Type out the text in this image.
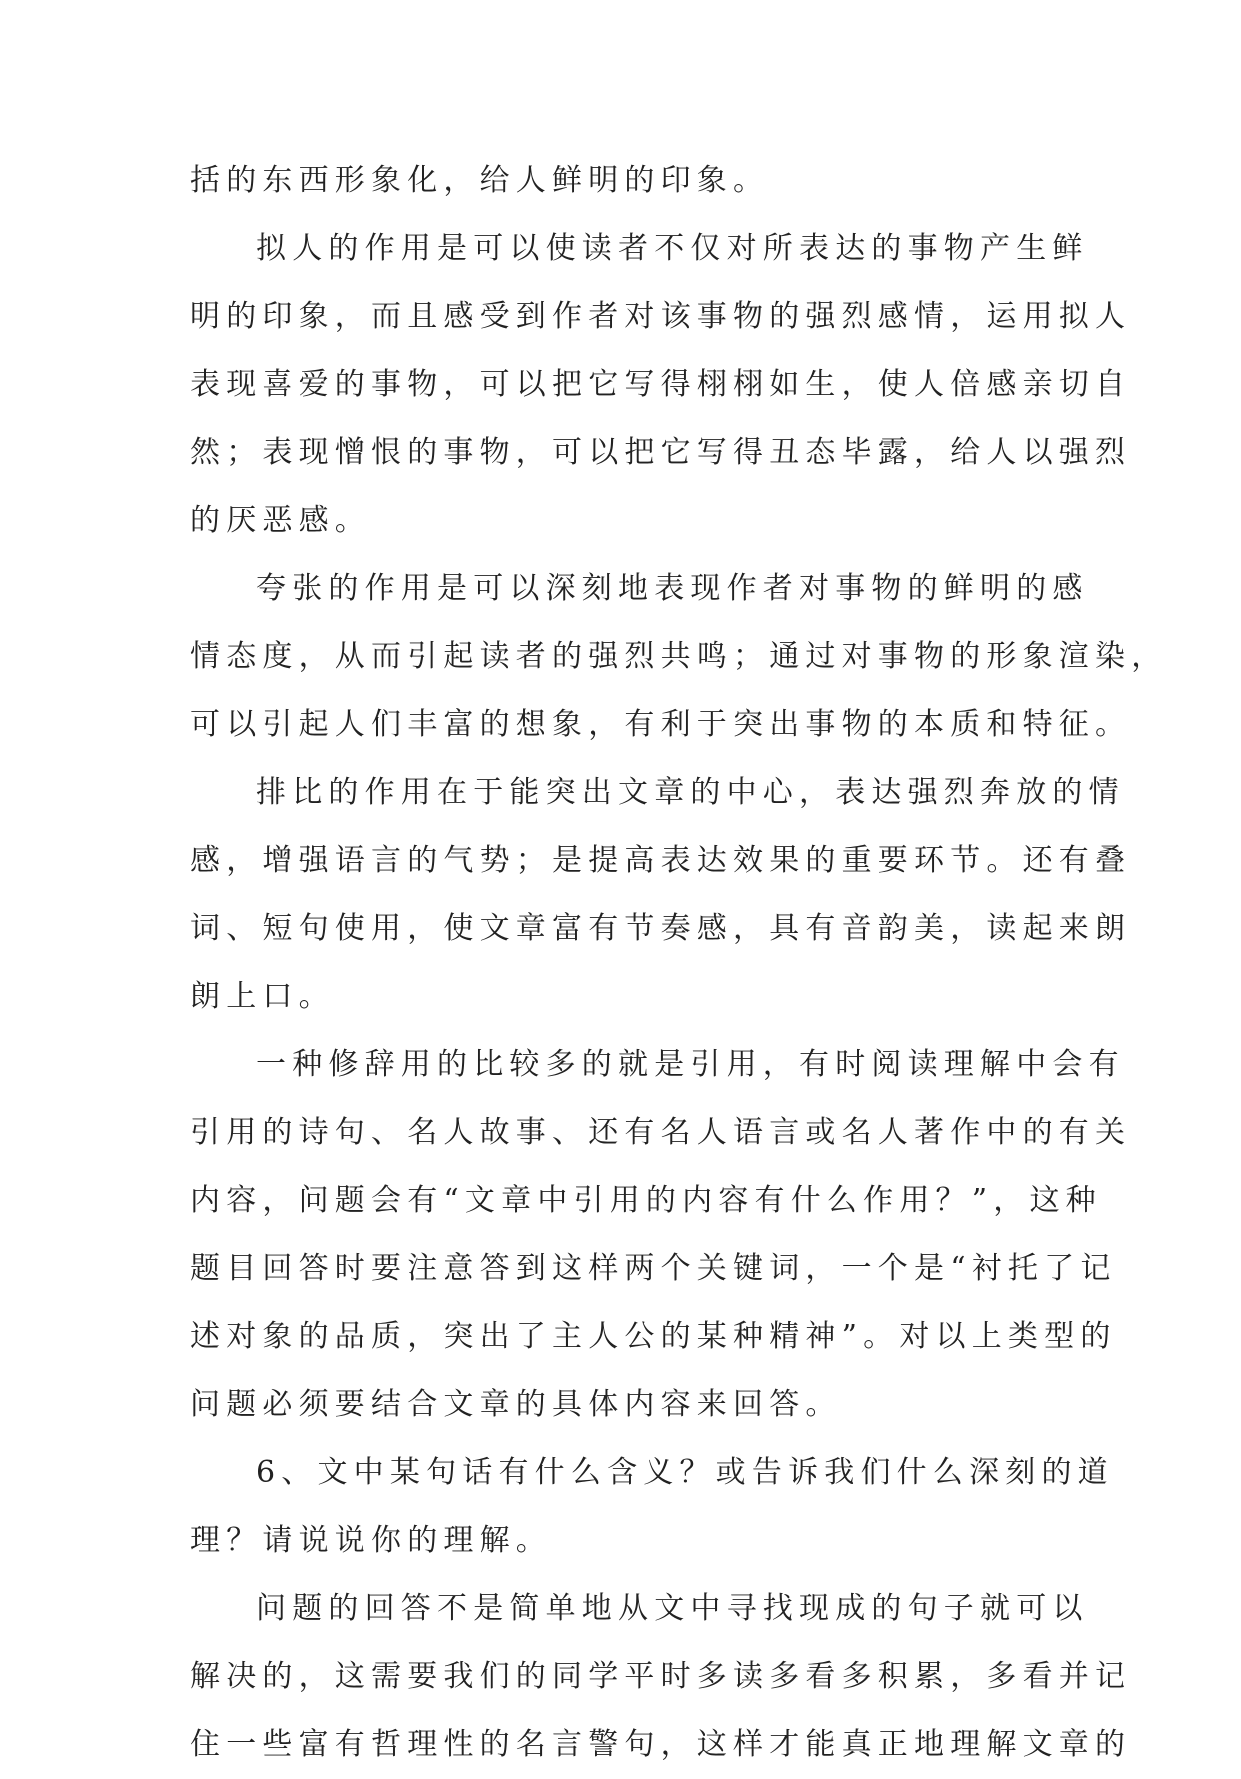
括的东西形象化，给人鲜明的印象。
拟人的作用是可以使读者不仅对所表达的事物产生鲜
明的印象，而且感受到作者对该事物的强烈感情，运用拟人
表现喜爱的事物，可以把它写得栩栩如生，使人倍感亲切自
然；表现憎恨的事物，可以把它写得丑态毕露，给人以强烈
的厌恶感。
夸张的作用是可以深刻地表现作者对事物的鲜明的感
情态度，从而引起读者的强烈共鸣；通过对事物的形象渲染，
可以引起人们丰富的想象，有利于突出事物的本质和特征。
排比的作用在于能突出文章的中心，表达强烈奔放的情
感，增强语言的气势；是提高表达效果的重要环节。还有叠
词、短句使用，使文章富有节奏感，具有音韵美，读起来朗
朗上口。
一种修辞用的比较多的就是引用，有时阅读理解中会有
引用的诗句、名人故事、还有名人语言或名人著作中的有关
内容，问题会有“文章中引用的内容有什么作用？”，这种
题目回答时要注意答到这样两个关键词，一个是“衬托了记
述对象的品质，突出了主人公的某种精神”。对以上类型的
问题必须要结合文章的具体内容来回答。
6、文中某句话有什么含义？或告诉我们什么深刻的道
理？请说说你的理解。
问题的回答不是简单地从文中寻找现成的句子就可以
解决的，这需要我们的同学平时多读多看多积累，多看并记
住一些富有哲理性的名言警句，这样才能真正地理解文章的
